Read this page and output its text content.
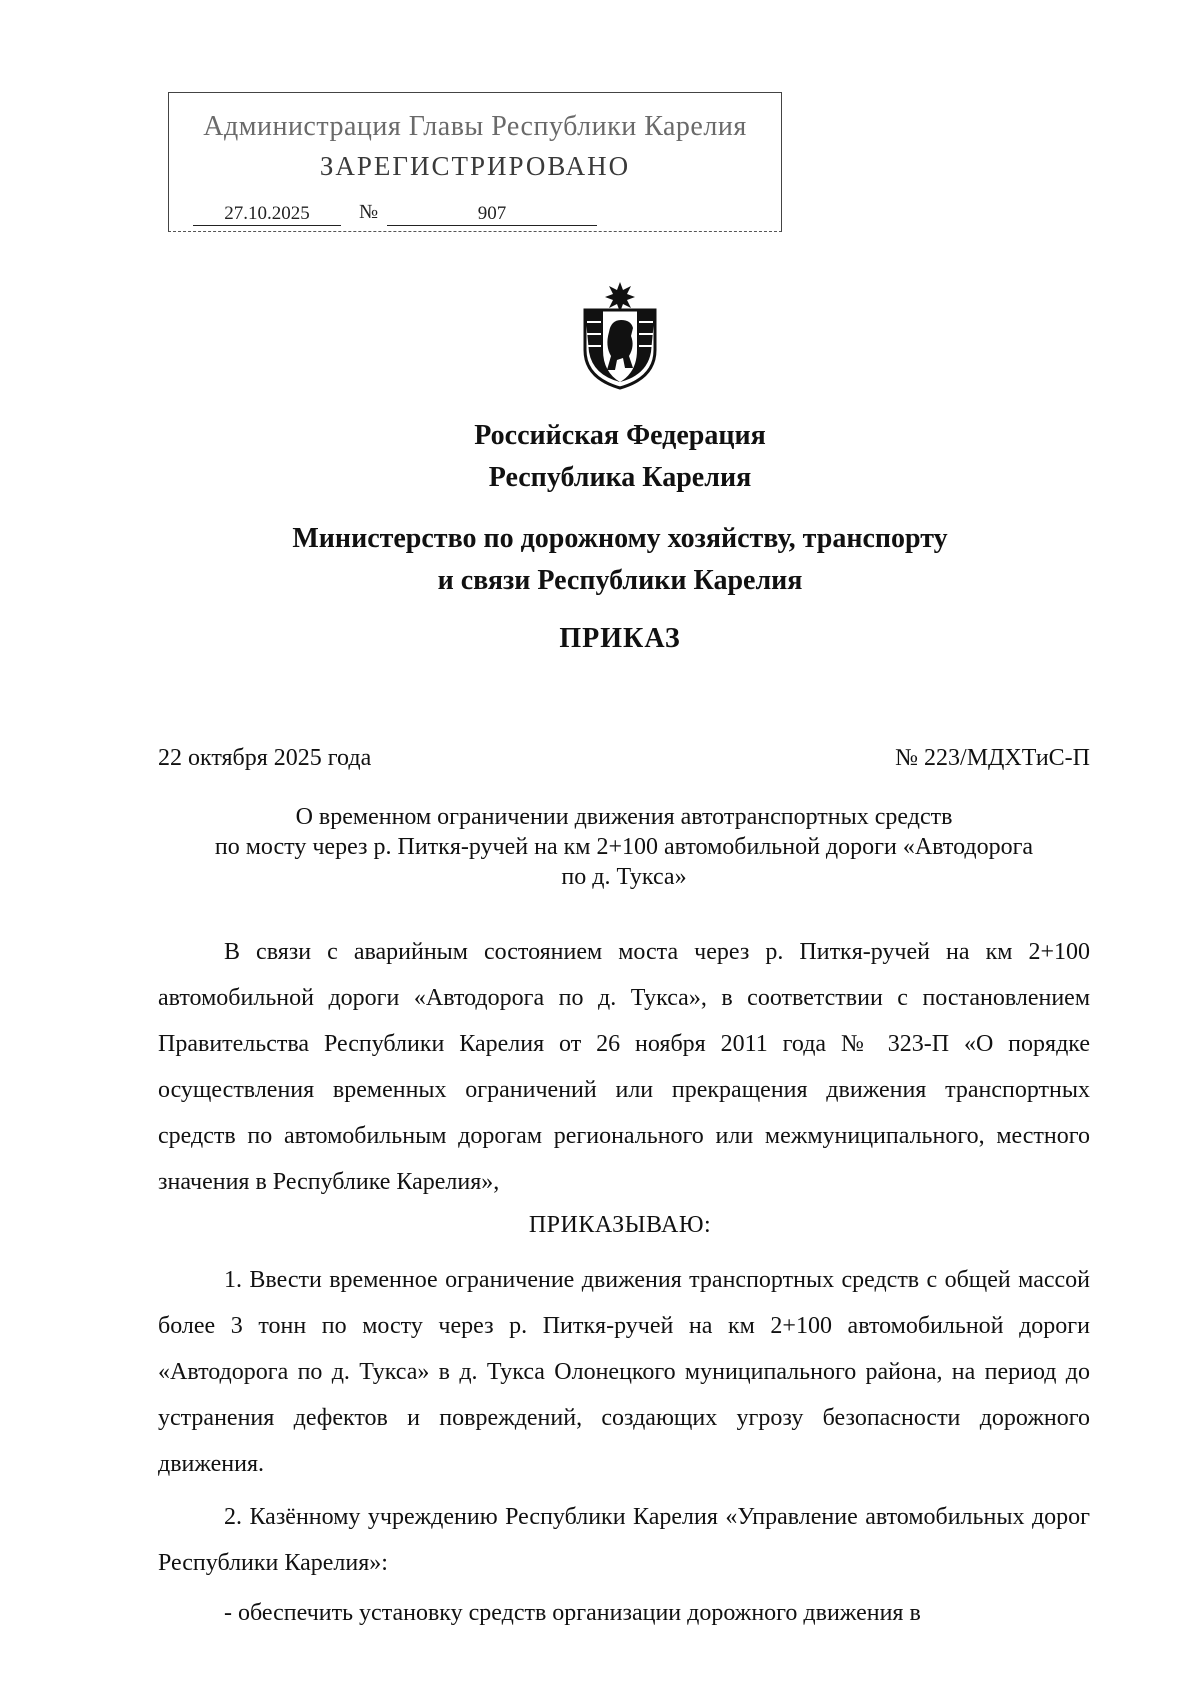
Администрация Главы Республики Карелия
ЗАРЕГИСТРИРОВАНО
27.10.2025	№	907
Российская Федерация
Республика Карелия
Министерство по дорожному хозяйству, транспорту
и связи Республики Карелия
ПРИКАЗ
22 октября 2025 года	№ 223/МДХТиС-П
О временном ограничении движения автотранспортных средств
по мосту через р. Питкя-ручей на км 2+100 автомобильной дороги «Автодорога
по д. Тукса»

В связи с аварийным состоянием моста через р. Питкя-ручей на км 2+100 автомобильной дороги «Автодорога по д. Тукса», в соответствии с постановлением Правительства Республики Карелия от 26 ноября 2011 года № 323-П «О порядке осуществления временных ограничений или прекращения движения транспортных средств по автомобильным дорогам регионального или межмуниципального, местного значения в Республике Карелия»,

ПРИКАЗЫВАЮ:

1. Ввести временное ограничение движения транспортных средств с общей массой более 3 тонн по мосту через р. Питкя-ручей на км 2+100 автомобильной дороги «Автодорога по д. Тукса» в д. Тукса Олонецкого муниципального района, на период до устранения дефектов и повреждений, создающих угрозу безопасности дорожного движения.

2. Казённому учреждению Республики Карелия «Управление автомобильных дорог Республики Карелия»:

- обеспечить установку средств организации дорожного движения в
